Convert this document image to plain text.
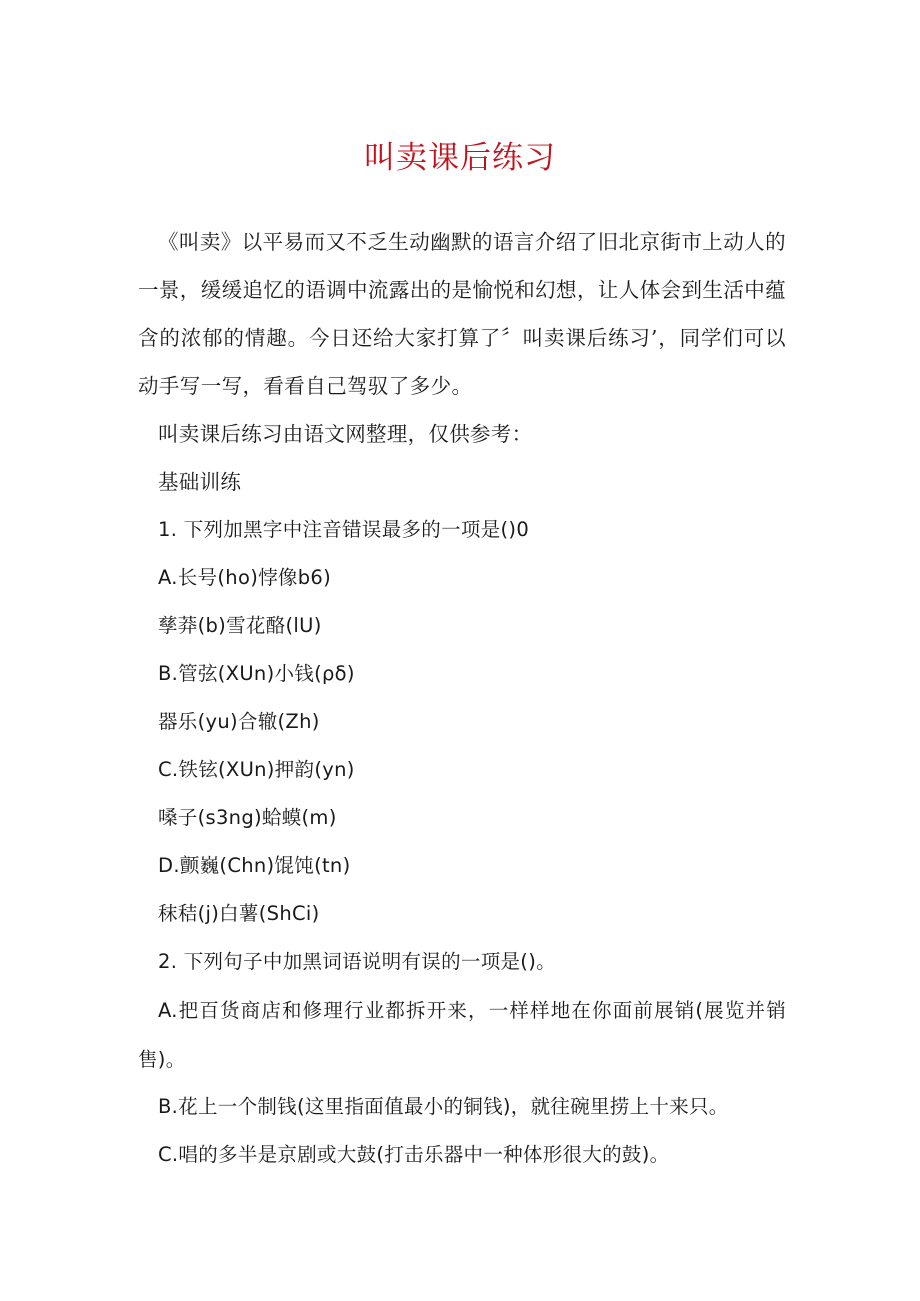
叫卖课后练习

《叫卖》以平易而又不乏生动幽默的语言介绍了旧北京街市上动人的一景，缓缓追忆的语调中流露出的是愉悦和幻想，让人体会到生活中蕴含的浓郁的情趣。今日还给大家打算了〞叫卖课后练习’，同学们可以动手写一写，看看自己驾驭了多少。

叫卖课后练习由语文网整理，仅供参考：
基础训练
1. 下列加黑字中注音错误最多的一项是()0
A.长号(ho)悖像b6)
孳莽(b)雪花酪(lU)
B.管弦(XUn)小钱(ρδ)
器乐(yu)合辙(Zh)
C.铁铉(XUn)押韵(yn)
嗓子(s3ng)蛤蟆(m)
D.颤巍(Chn)馄饨(tn)
秣秸(j)白薯(ShCi)
2. 下列句子中加黑词语说明有误的一项是()。

A.把百货商店和修理行业都拆开来，一样样地在你面前展销(展览并销售)。

B.花上一个制钱(这里指面值最小的铜钱)，就往碗里捞上十来只。
C.唱的多半是京剧或大鼓(打击乐器中一种体形很大的鼓)。
